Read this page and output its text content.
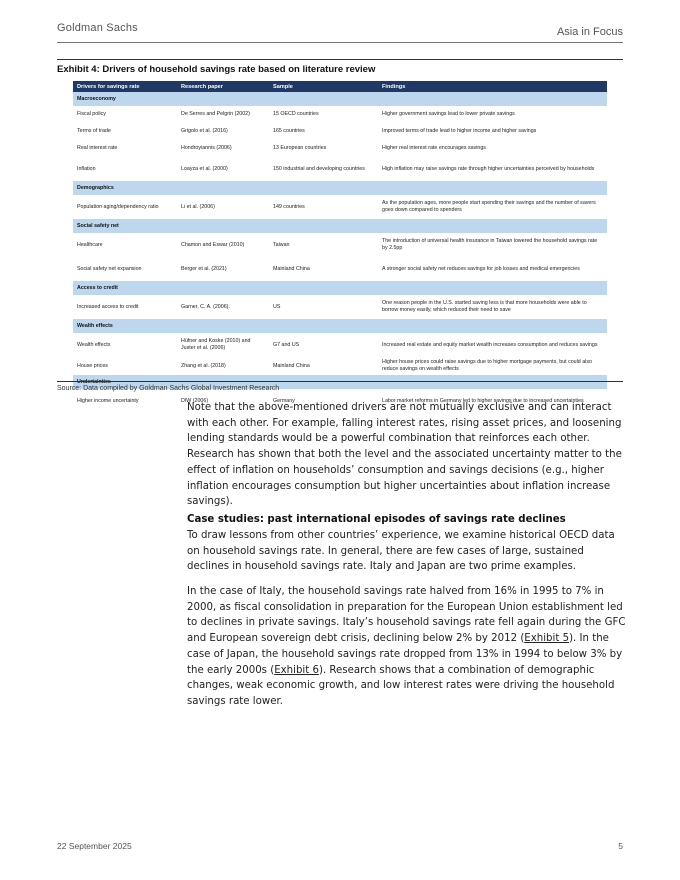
Goldman Sachs	Asia in Focus
Exhibit 4: Drivers of household savings rate based on literature review
Drivers for savings rate	Research paper	Sample	Findings
Macroeconomy			
Fiscal policy	De Serres and Pelgrin (2002)	15 OECD countries	Higher government savings lead to lower private savings
Terms of trade	Grigolo et al. (2016)	165 countries	Improved terms of trade lead to higher income and higher savings
Real interest rate	Hondroyiannis (2006)	13 European countries	Higher real interest rate encourages savings
Inflation	Loayza et al. (2000)	150 industrial and developing countries	High inflation may raise savings rate through higher uncertainties perceived by households
Demographics			
Population aging/dependency ratio	Li et al. (2006)	149 countries	As the population ages, more people start spending their savings and the number of savers goes down compared to spenders
Social safety net			
Healthcare	Chamon and Eswar (2010)	Taiwan	The introduction of universal health insurance in Taiwan lowered the household savings rate by 2.5pp
Social safety net expansion	Berger et al. (2021)	Mainland China	A stronger social safety net reduces savings for job losses and medical emergencies
Access to credit			
Increased access to credit	Garner, C. A. (2006).	US	One reason people in the U.S. started saving less is that more households were able to borrow money easily, which reduced their need to save
Wealth effects			
Wealth effects	Hüfner and Koske (2010) and Juster et al. (2006)	G7 and US	Increased real estate and equity market wealth increases consumption and reduces savings
House prices	Zhang et al. (2018)	Mainland China	Higher house prices could raise savings due to higher mortgage payments, but could also reduce savings on wealth effects
Undertainties			
Higher income uncertainty	DIW (2006)	Germany	Labor market reforms in Germany led to higher savings due to increased uncertainties
Source: Data compiled by Goldman Sachs Global Investment Research

Note that the above-mentioned drivers are not mutually exclusive and can interact with each other. For example, falling interest rates, rising asset prices, and loosening lending standards would be a powerful combination that reinforces each other. Research has shown that both the level and the associated uncertainty matter to the effect of inflation on households’ consumption and savings decisions (e.g., higher inflation encourages consumption but higher uncertainties about inflation increase savings).

Case studies: past international episodes of savings rate declines

To draw lessons from other countries’ experience, we examine historical OECD data on household savings rate. In general, there are few cases of large, sustained declines in household savings rate. Italy and Japan are two prime examples.

In the case of Italy, the household savings rate halved from 16% in 1995 to 7% in 2000, as fiscal consolidation in preparation for the European Union establishment led to declines in private savings. Italy’s household savings rate fell again during the GFC and European sovereign debt crisis, declining below 2% by 2012 (Exhibit 5). In the case of Japan, the household savings rate dropped from 13% in 1994 to below 3% by the early 2000s (Exhibit 6). Research shows that a combination of demographic changes, weak economic growth, and low interest rates were driving the household savings rate lower.

22 September 2025	5
